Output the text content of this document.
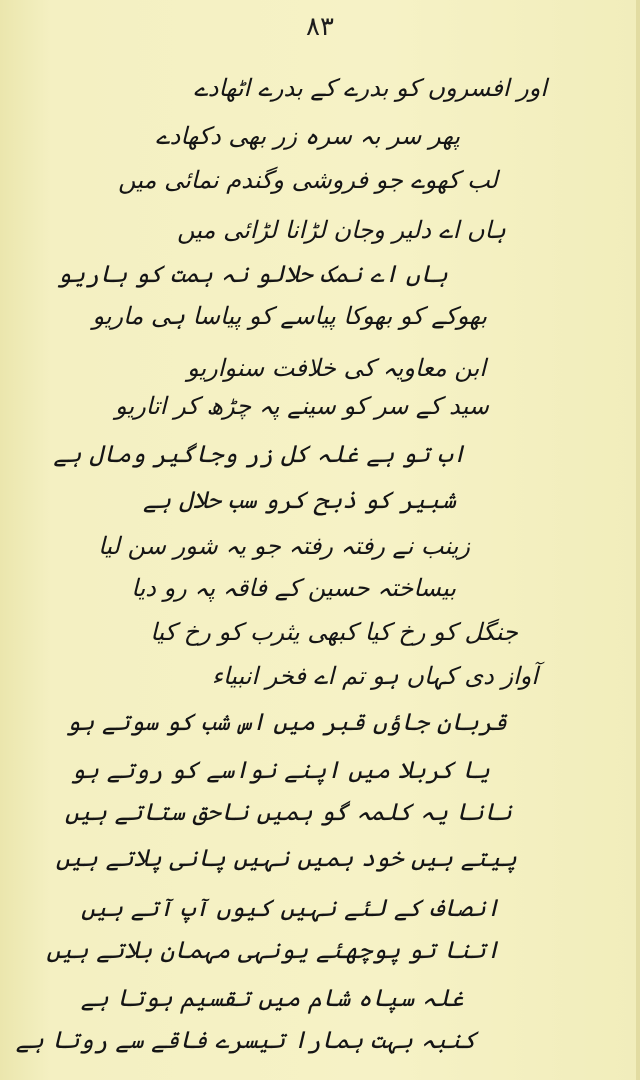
۸۳
اور افسروں کو بدرے کے بدرے اٹھادے
پھر سر بہ سرہ زر بھی دکھادے
لب کھوے جو فروشی وگندم نمائی میں
ہاں اے دلیر وجان لڑانا لڑائی میں
ہاں اے نمک حلالو نہ ہمت کو ہاریو
بھوکے کو بھوکا پیاسے کو پیاسا ہی ماریو
ابن معاویہ کی خلافت سنواریو
سید کے سر کو سینے پہ چڑھ کر اتاریو
اب تو ہے غلہ کل زر وجاگیر ومال ہے
شبیر کو ذبح کرو سب حلال ہے
زینب نے رفتہ رفتہ جو یہ شور سن لیا
بیساختہ حسین کے فاقہ پہ رو دیا
جنگل کو رخ کیا کبھی یثرب کو رخ کیا
آواز دی کہاں ہو تم اے فخر انبیاء
قربان جاؤں قبر میں اس شب کو سوتے ہو
یا کربلا میں اپنے نواسے کو روتے ہو
نانا یہ کلمہ گو ہمیں ناحق ستاتے ہیں
پیتے ہیں خود ہمیں نہیں پانی پلاتے ہیں
انصاف کے لئے نہیں کیوں آپ آتے ہیں
اتنا تو پوچھئے یونہی مہمان بلاتے ہیں
غلہ سپاہ شام میں تقسیم ہوتا ہے
کنبہ بہت ہمارا تیسرے فاقے سے روتا ہے
